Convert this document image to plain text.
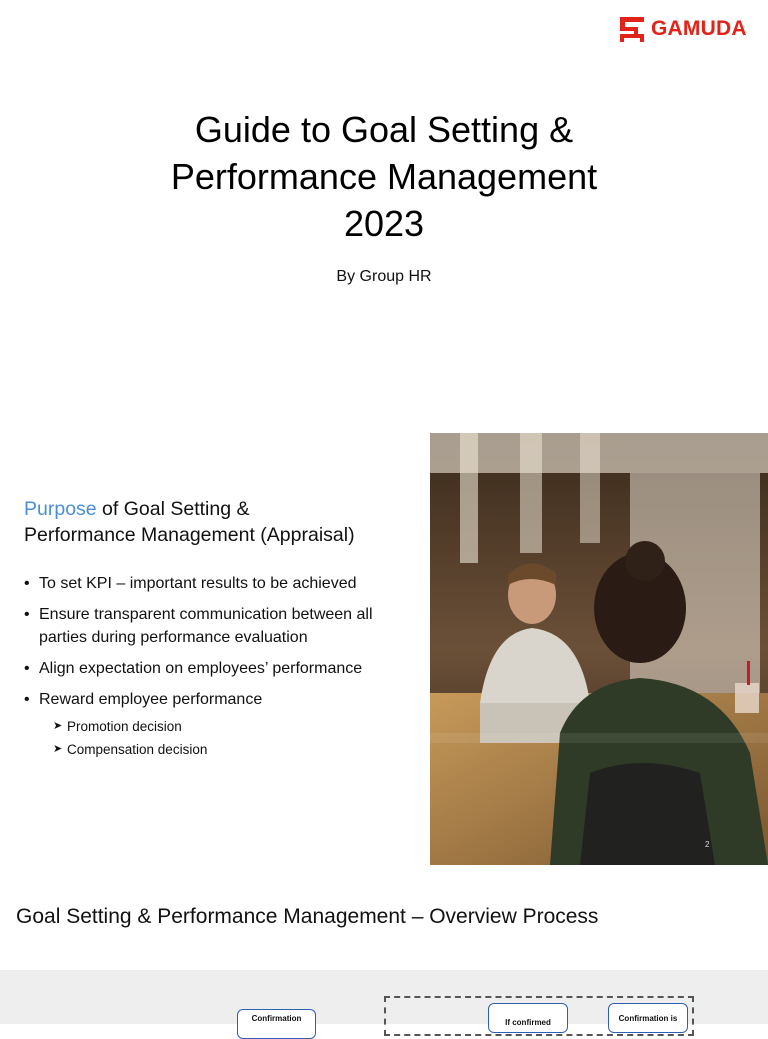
GAMUDA
Guide to Goal Setting &
Performance Management
2023
By Group HR
Purpose of Goal Setting &
Performance Management (Appraisal)
• To set KPI – important results to be achieved
• Ensure transparent communication between all parties during performance evaluation
• Align expectation on employees’ performance
• Reward employee performance
➤ Promotion decision
➤ Compensation decision
2
Goal Setting & Performance Management – Overview Process
Confirmation	If confirmed	Confirmation is
